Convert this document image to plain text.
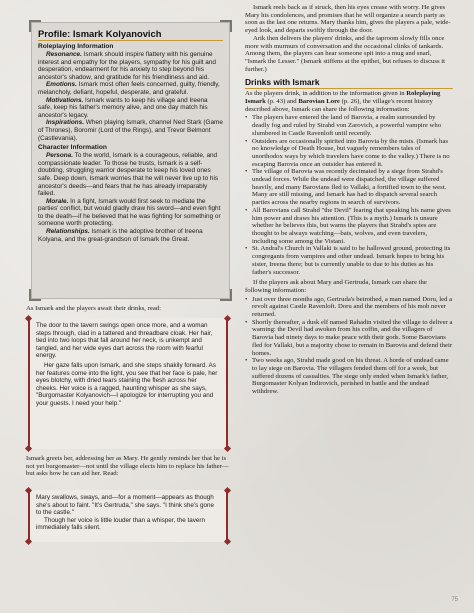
Profile: Ismark Kolyanovich
Roleplaying Information

Resonance. Ismark should inspire flattery with his genuine interest and empathy for the players, sympathy for his guilt and desperation, endearment for his anxiety to step beyond his ancestor's shadow, and gratitude for his friendliness and aid.

Emotions. Ismark most often feels concerned, guilty, friendly, melancholy, defiant, hopeful, desperate, and grateful.

Motivations. Ismark wants to keep his village and Ireena safe, keep his father's memory alive, and one day match his ancestor's legacy.

Inspirations. When playing Ismark, channel Ned Stark (Game of Thrones), Boromir (Lord of the Rings), and Trevor Belmont (Castlevania).

Character Information

Persona. To the world, Ismark is a courageous, reliable, and compassionate leader. To those he trusts, Ismark is a self-doubting, struggling warrior desperate to keep his loved ones safe. Deep down, Ismark worries that he will never live up to his ancestor's deeds—and fears that he has already irreparably failed.

Morale. In a fight, Ismark would first seek to mediate the parties' conflict, but would gladly draw his sword—and even fight to the death—if he believed that he was fighting for something or someone worth protecting.

Relationships. Ismark is the adoptive brother of Ireena Kolyana, and the great-grandson of Ismark the Great.

As Ismark and the players await their drinks, read:

The door to the tavern swings open once more, and a woman steps through, clad in a tattered and threadbare cloak. Her hair, tied into two loops that fall around her neck, is unkempt and tangled, and her wide eyes dart across the room with fearful energy.

Her gaze falls upon Ismark, and she steps shakily forward. As her features come into the light, you see that her face is pale, her eyes blotchy, with dried tears staining the flesh across her cheeks. Her voice is a ragged, haunting whisper as she says, "Burgomaster Kolyanovich—I apologize for interrupting you and your guests. I need your help."

Ismark greets her, addressing her as Mary. He gently reminds her that he is not yet burgomaster—not until the village elects him to replace his father—but asks how he can aid her. Read:

Mary swallows, sways, and—for a moment—appears as though she's about to faint. "It's Gertruda," she says. "I think she's gone to the castle."

Though her voice is little louder than a whisper, the tavern immediately falls silent.

Ismark reels back as if struck, then his eyes crease with worry. He gives Mary his condolences, and promises that he will organize a search party as soon as the last one returns. Mary thanks him, gives the players a pale, wide-eyed look, and departs swiftly through the door.

Arik then delivers the players' drinks, and the taproom slowly fills once more with murmurs of conversation and the occasional clinks of tankards. Among them, the players can hear someone spit into a mug and snarl, "Ismark the Lesser." (Ismark stiffens at the epithet, but refuses to discuss it further.)

Drinks with Ismark

As the players drink, in addition to the information given in Roleplaying Ismark (p. 43) and Barovian Lore (p. 26), the village's recent history described above, Ismark can share the following information:

• The players have entered the land of Barovia, a realm surrounded by deadly fog and ruled by Strahd von Zarovich, a powerful vampire who slumbered in Castle Ravenloft until recently.
• Outsiders are occasionally spirited into Barovia by the mists. (Ismark has no knowledge of Death House, but vaguely remembers tales of unorthodox ways by which travelers have come to the valley.) There is no escaping Barovia once an outsider has entered it.
• The village of Barovia was recently decimated by a siege from Strahd's undead forces. While the undead were dispatched, the village suffered heavily, and many Barovians fled to Vallaki, a fortified town to the west. Many are still missing, and Ismark has had to dispatch several search parties across the nearby regions in search of survivors.
• All Barovians call Strahd "the Devil" fearing that speaking his name gives him power and draws his attention. (This is a myth.) Ismark is unsure whether he believes this, but warns the players that Strahd's spies are thought to be always watching—bats, wolves, and even travelers, including some among the Vistani.
• St. Andral's Church in Vallaki is said to be hallowed ground, protecting its congregants from vampires and other undead. Ismark hopes to bring his sister, Ireena there; but is currently unable to due to his duties as his father's successor.

If the players ask about Mary and Gertruda, Ismark can share the following information:

• Just over three months ago, Gertruda's betrothed, a man named Doru, led a revolt against Castle Ravenloft. Doru and the members of his mob never returned.
• Shortly thereafter, a dusk elf named Rahadin visited the village to deliver a warning: the Devil had awoken from his coffin, and the villagers of Barovia had ninety days to make peace with their gods. Some Barovians fled for Vallaki, but a majority chose to remain in Barovia and defend their homes.
• Two weeks ago, Strahd made good on his threat. A horde of undead came to lay siege on Barovia. The villagers fended them off for a week, but suffered dozens of casualties. The siege only ended when Ismark's father, Burgomaster Kolyan Indirovich, perished in battle and the undead withdrew.
75
